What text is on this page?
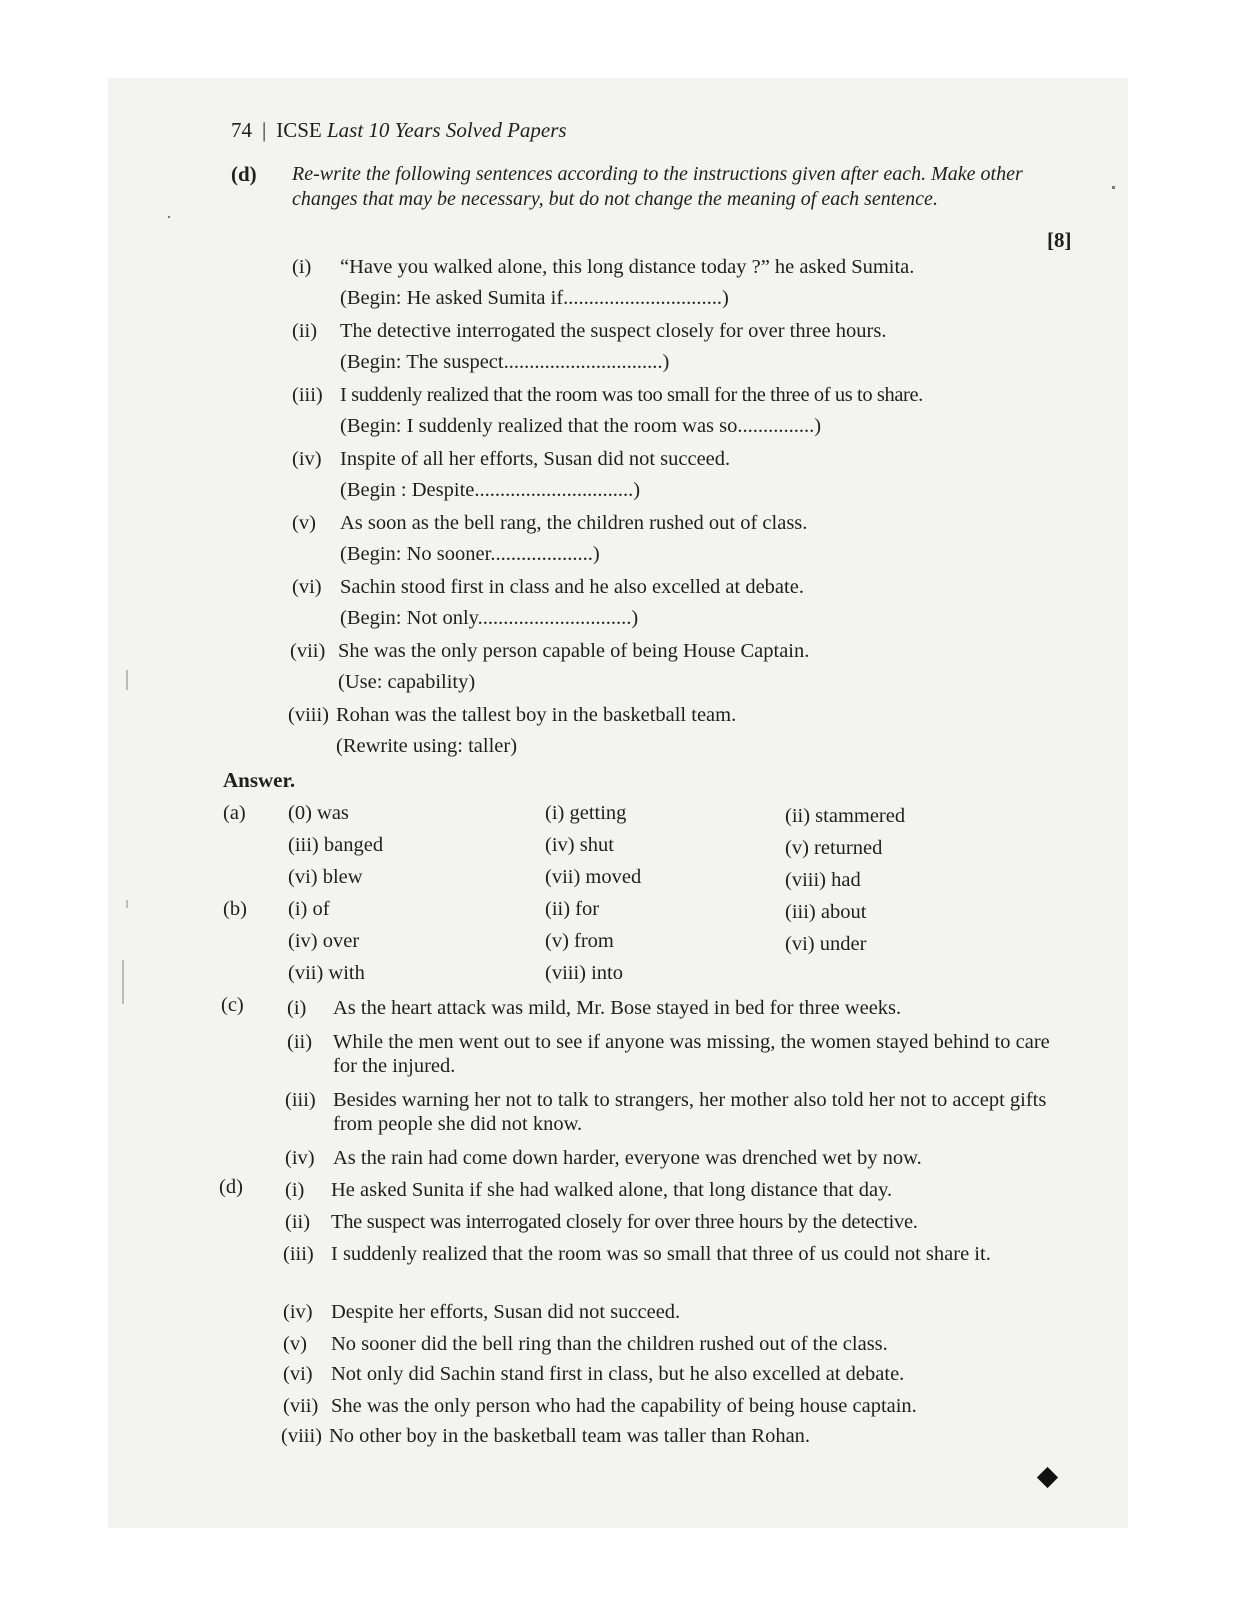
74 | ICSE Last 10 Years Solved Papers
(d) Re-write the following sentences according to the instructions given after each. Make other changes that may be necessary, but do not change the meaning of each sentence.
[8]
(i) “Have you walked alone, this long distance today ?” he asked Sumita.
(Begin: He asked Sumita if...............................)
(ii) The detective interrogated the suspect closely for over three hours.
(Begin: The suspect...............................)
(iii) I suddenly realized that the room was too small for the three of us to share.
(Begin: I suddenly realized that the room was so...............)
(iv) Inspite of all her efforts, Susan did not succeed.
(Begin : Despite...............................)
(v) As soon as the bell rang, the children rushed out of class.
(Begin: No sooner....................)
(vi) Sachin stood first in class and he also excelled at debate.
(Begin: Not only..............................)
(vii) She was the only person capable of being House Captain.
(Use: capability)
(viii) Rohan was the tallest boy in the basketball team.
(Rewrite using: taller)
Answer.
(a) (0) was	(i) getting	(ii) stammered
(iii) banged	(iv) shut	(v) returned
(vi) blew	(vii) moved	(viii) had
(b) (i) of	(ii) for	(iii) about
(iv) over	(v) from	(vi) under
(vii) with	(viii) into
(c) (i) As the heart attack was mild, Mr. Bose stayed in bed for three weeks.
(ii) While the men went out to see if anyone was missing, the women stayed behind to care for the injured.
(iii) Besides warning her not to talk to strangers, her mother also told her not to accept gifts from people she did not know.
(iv) As the rain had come down harder, everyone was drenched wet by now.
(d) (i) He asked Sunita if she had walked alone, that long distance that day.
(ii) The suspect was interrogated closely for over three hours by the detective.
(iii) I suddenly realized that the room was so small that three of us could not share it.
(iv) Despite her efforts, Susan did not succeed.
(v) No sooner did the bell ring than the children rushed out of the class.
(vi) Not only did Sachin stand first in class, but he also excelled at debate.
(vii) She was the only person who had the capability of being house captain.
(viii) No other boy in the basketball team was taller than Rohan.
